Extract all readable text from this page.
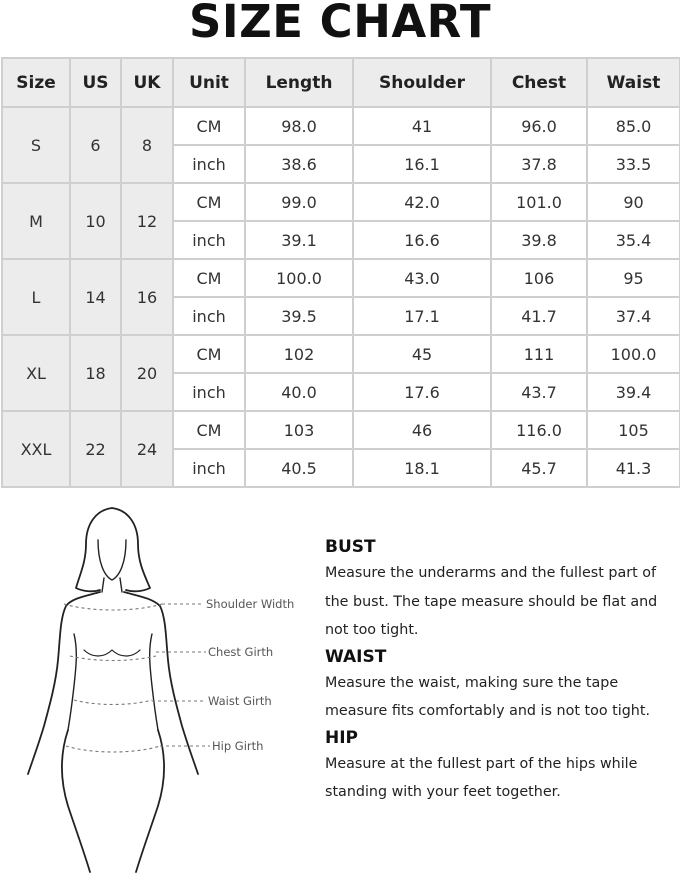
SIZE CHART
Size	US	UK	Unit	Length	Shoulder	Chest	Waist
S	6	8	CM	98.0	41	96.0	85.0
			inch	38.6	16.1	37.8	33.5
M	10	12	CM	99.0	42.0	101.0	90
			inch	39.1	16.6	39.8	35.4
L	14	16	CM	100.0	43.0	106	95
			inch	39.5	17.1	41.7	37.4
XL	18	20	CM	102	45	111	100.0
			inch	40.0	17.6	43.7	39.4
XXL	22	24	CM	103	46	116.0	105
			inch	40.5	18.1	45.7	41.3
Shoulder Width
Chest Girth
Waist Girth
Hip Girth
BUST

Measure the underarms and the fullest part of the bust. The tape measure should be flat and not too tight.

WAIST

Measure the waist, making sure the tape measure fits comfortably and is not too tight.

HIP

Measure at the fullest part of the hips while standing with your feet together.
